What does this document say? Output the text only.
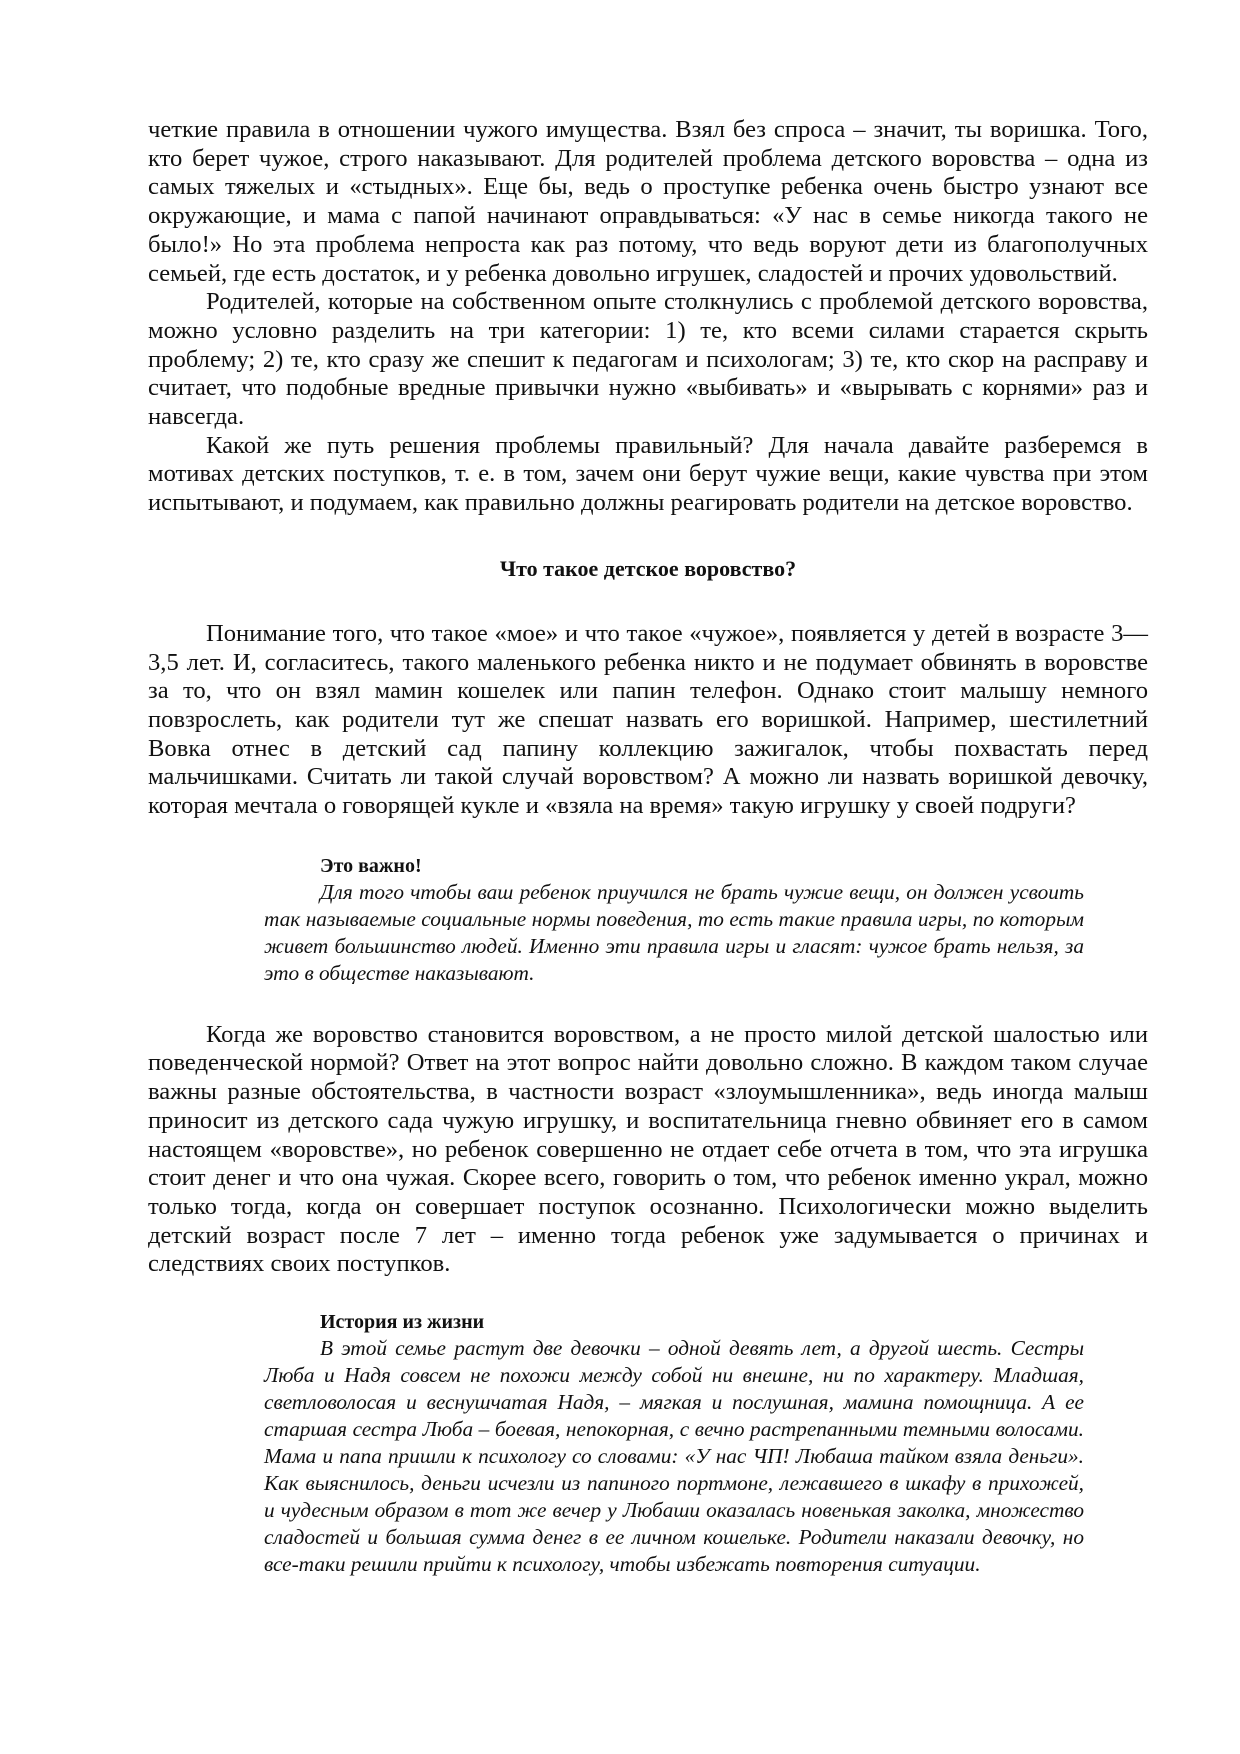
четкие правила в отношении чужого имущества. Взял без спроса – значит, ты воришка. Того, кто берет чужое, строго наказывают. Для родителей проблема детского воровства – одна из самых тяжелых и «стыдных». Еще бы, ведь о проступке ребенка очень быстро узнают все окружающие, и мама с папой начинают оправдываться: «У нас в семье никогда такого не было!» Но эта проблема непроста как раз потому, что ведь воруют дети из благополучных семьей, где есть достаток, и у ребенка довольно игрушек, сладостей и прочих удовольствий.

Родителей, которые на собственном опыте столкнулись с проблемой детского воровства, можно условно разделить на три категории: 1) те, кто всеми силами старается скрыть проблему; 2) те, кто сразу же спешит к педагогам и психологам; 3) те, кто скор на расправу и считает, что подобные вредные привычки нужно «выбивать» и «вырывать с корнями» раз и навсегда.

Какой же путь решения проблемы правильный? Для начала давайте разберемся в мотивах детских поступков, т. е. в том, зачем они берут чужие вещи, какие чувства при этом испытывают, и подумаем, как правильно должны реагировать родители на детское воровство.

Что такое детское воровство?

Понимание того, что такое «мое» и что такое «чужое», появляется у детей в возрасте 3—3,5 лет. И, согласитесь, такого маленького ребенка никто и не подумает обвинять в воровстве за то, что он взял мамин кошелек или папин телефон. Однако стоит малышу немного повзрослеть, как родители тут же спешат назвать его воришкой. Например, шестилетний Вовка отнес в детский сад папину коллекцию зажигалок, чтобы похвастать перед мальчишками. Считать ли такой случай воровством? А можно ли назвать воришкой девочку, которая мечтала о говорящей кукле и «взяла на время» такую игрушку у своей подруги?

Это важно!

Для того чтобы ваш ребенок приучился не брать чужие вещи, он должен усвоить так называемые социальные нормы поведения, то есть такие правила игры, по которым живет большинство людей. Именно эти правила игры и гласят: чужое брать нельзя, за это в обществе наказывают.

Когда же воровство становится воровством, а не просто милой детской шалостью или поведенческой нормой? Ответ на этот вопрос найти довольно сложно. В каждом таком случае важны разные обстоятельства, в частности возраст «злоумышленника», ведь иногда малыш приносит из детского сада чужую игрушку, и воспитательница гневно обвиняет его в самом настоящем «воровстве», но ребенок совершенно не отдает себе отчета в том, что эта игрушка стоит денег и что она чужая. Скорее всего, говорить о том, что ребенок именно украл, можно только тогда, когда он совершает поступок осознанно. Психологически можно выделить детский возраст после 7 лет – именно тогда ребенок уже задумывается о причинах и следствиях своих поступков.

История из жизни

В этой семье растут две девочки – одной девять лет, а другой шесть. Сестры Люба и Надя совсем не похожи между собой ни внешне, ни по характеру. Младшая, светловолосая и веснушчатая Надя, – мягкая и послушная, мамина помощница. А ее старшая сестра Люба – боевая, непокорная, с вечно растрепанными темными волосами. Мама и папа пришли к психологу со словами: «У нас ЧП! Любаша тайком взяла деньги». Как выяснилось, деньги исчезли из папиного портмоне, лежавшего в шкафу в прихожей, и чудесным образом в тот же вечер у Любаши оказалась новенькая заколка, множество сладостей и большая сумма денег в ее личном кошельке. Родители наказали девочку, но все-таки решили прийти к психологу, чтобы избежать повторения ситуации.
